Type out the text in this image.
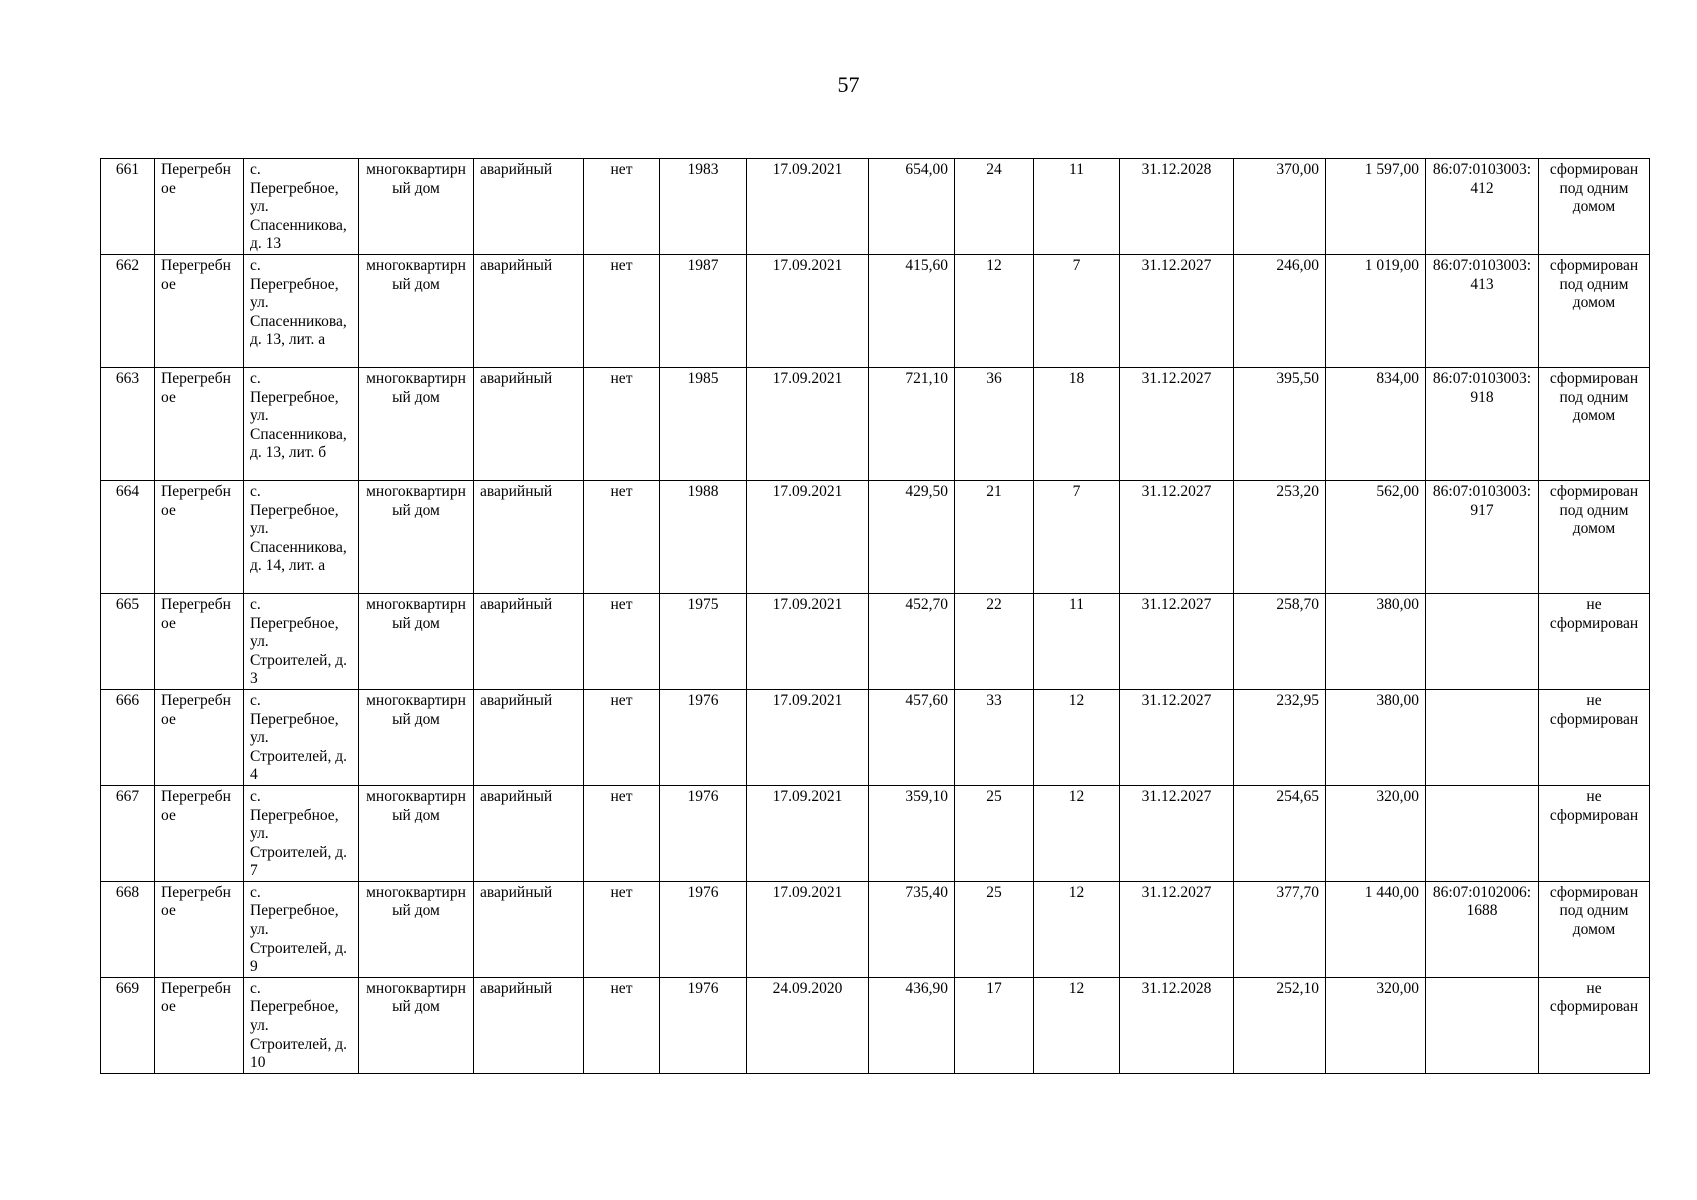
57
661	Перегребное	с. Перегребное, ул. Спасенникова, д. 13	многоквартирный дом	аварийный	нет	1983	17.09.2021	654,00	24	11	31.12.2028	370,00	1 597,00	86:07:0103003:412	сформирован под одним домом
662	Перегребное	с. Перегребное, ул. Спасенникова, д. 13, лит. а	многоквартирный дом	аварийный	нет	1987	17.09.2021	415,60	12	7	31.12.2027	246,00	1 019,00	86:07:0103003:413	сформирован под одним домом
663	Перегребное	с. Перегребное, ул. Спасенникова, д. 13, лит. б	многоквартирный дом	аварийный	нет	1985	17.09.2021	721,10	36	18	31.12.2027	395,50	834,00	86:07:0103003:918	сформирован под одним домом
664	Перегребное	с. Перегребное, ул. Спасенникова, д. 14, лит. а	многоквартирный дом	аварийный	нет	1988	17.09.2021	429,50	21	7	31.12.2027	253,20	562,00	86:07:0103003:917	сформирован под одним домом
665	Перегребное	с. Перегребное, ул. Строителей, д. 3	многоквартирный дом	аварийный	нет	1975	17.09.2021	452,70	22	11	31.12.2027	258,70	380,00		не сформирован
666	Перегребное	с. Перегребное, ул. Строителей, д. 4	многоквартирный дом	аварийный	нет	1976	17.09.2021	457,60	33	12	31.12.2027	232,95	380,00		не сформирован
667	Перегребное	с. Перегребное, ул. Строителей, д. 7	многоквартирный дом	аварийный	нет	1976	17.09.2021	359,10	25	12	31.12.2027	254,65	320,00		не сформирован
668	Перегребное	с. Перегребное, ул. Строителей, д. 9	многоквартирный дом	аварийный	нет	1976	17.09.2021	735,40	25	12	31.12.2027	377,70	1 440,00	86:07:0102006:1688	сформирован под одним домом
669	Перегребное	с. Перегребное, ул. Строителей, д. 10	многоквартирный дом	аварийный	нет	1976	24.09.2020	436,90	17	12	31.12.2028	252,10	320,00		не сформирован
